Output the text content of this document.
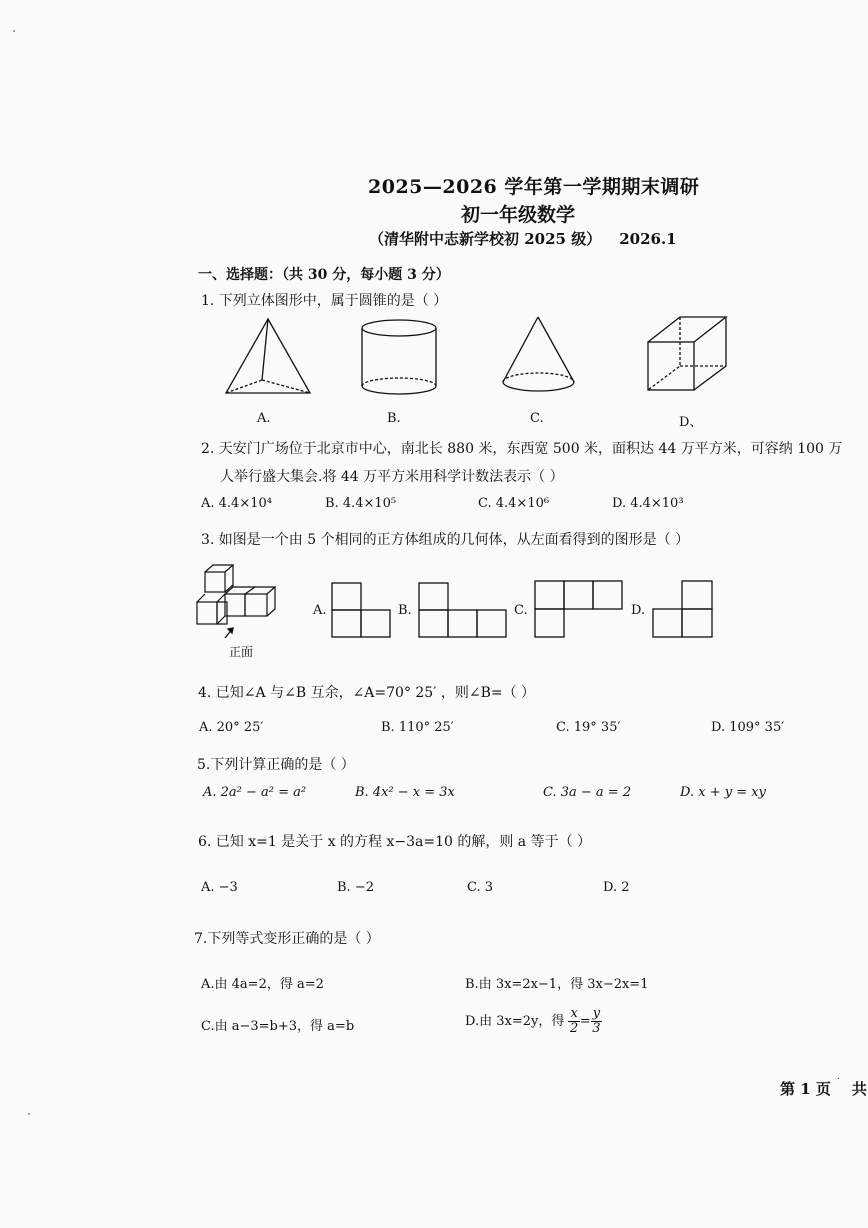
2025—2026 学年第一学期期末调研
初一年级数学
（清华附中志新学校初 2025 级） 2026.1
一、选择题：（共 30 分，每小题 3 分）
1. 下列立体图形中，属于圆锥的是（ ）
A.	B.	C.	D、
2. 天安门广场位于北京市中心，南北长 880 米，东西宽 500 米，面积达 44 万平方米，可容纳 100 万
人举行盛大集会.将 44 万平方米用科学计数法表示（ ）
A. 4.4×10⁴	B. 4.4×10⁵	C. 4.4×10⁶	D. 4.4×10³
3. 如图是一个由 5 个相同的正方体组成的几何体，从左面看得到的图形是（ ）
正面
A.	B.	C.	D.
4. 已知∠A 与∠B 互余，∠A=70° 25′ ，则∠B=（ ）
A. 20° 25′	B. 110° 25′	C. 19° 35′	D. 109° 35′
5.下列计算正确的是（ ）
A. 2a² − a² = a²	B. 4x² − x = 3x	C. 3a − a = 2	D. x + y = xy
6. 已知 x=1 是关于 x 的方程 x−3a=10 的解，则 a 等于（ ）
A. −3	B. −2	C. 3	D. 2
7.下列等式变形正确的是（ ）
A.由 4a=2，得 a=2	B.由 3x=2x−1，得 3x−2x=1
C.由 a−3=b+3，得 a=b	D.由 3x=2y，得 $\frac{x}{2} = \frac{y}{3}$
第 1 页 ˙ 共
